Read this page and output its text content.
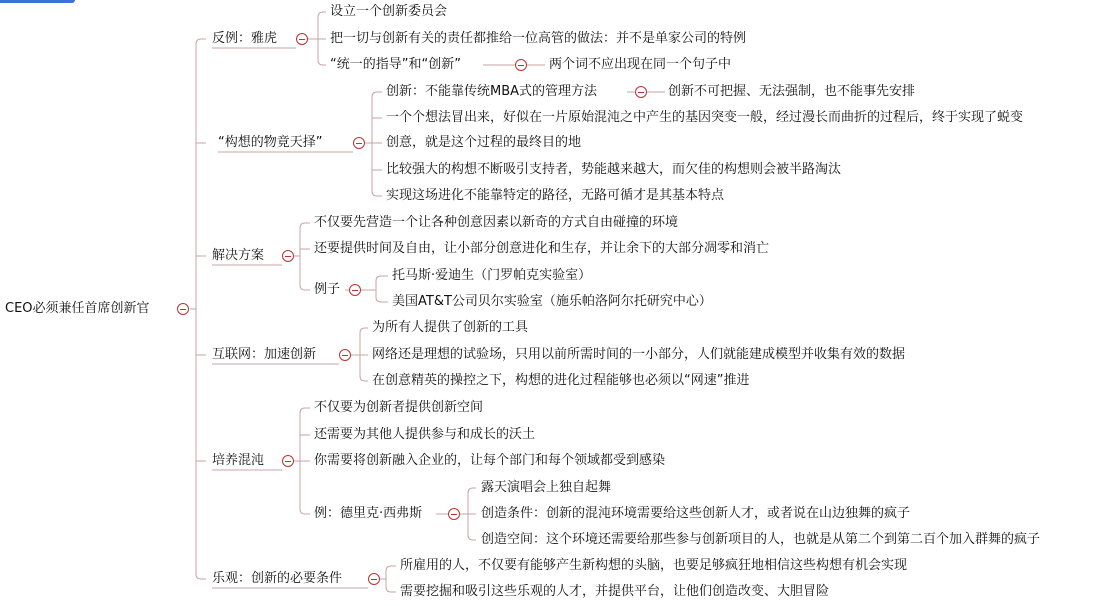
CEO必须兼任首席创新官
反例：雅虎
设立一个创新委员会
把一切与创新有关的责任都推给一位高管的做法：并不是单家公司的特例
“统一的指导”和“创新”
“构想的物竟天择”
创新：不能靠传统MBA式的管理方法
一个个想法冒出来，好似在一片原始混沌之中产生的基因突变一般，经过漫长而曲折的过程后，终于实现了蜕变
创意，就是这个过程的最终目的地
比较强大的构想不断吸引支持者，势能越来越大，而欠佳的构想则会被半路淘汰
实现这场进化不能靠特定的路径，无路可循才是其基本特点
解决方案
不仅要先营造一个让各种创意因素以新奇的方式自由碰撞的环境
还要提供时间及自由，让小部分创意进化和生存，并让余下的大部分凋零和消亡
例子
互联网：加速创新
为所有人提供了创新的工具
网络还是理想的试验场，只用以前所需时间的一小部分，人们就能建成模型并收集有效的数据
在创意精英的操控之下，构想的进化过程能够也必须以“网速”推进
培养混沌
不仅要为创新者提供创新空间
还需要为其他人提供参与和成长的沃土
你需要将创新融入企业的，让每个部门和每个领域都受到感染
例：德里克·西弗斯
乐观：创新的必要条件
所雇用的人，不仅要有能够产生新构想的头脑，也要足够疯狂地相信这些构想有机会实现
需要挖掘和吸引这些乐观的人才，并提供平台，让他们创造改变、大胆冒险
两个词不应出现在同一个句子中
创新不可把握、无法强制，也不能事先安排
托马斯·爱迪生（门罗帕克实验室）
美国AT&T公司贝尔实验室（施乐帕洛阿尔托研究中心）
露天演唱会上独自起舞
创造条件：创新的混沌环境需要给这些创新人才，或者说在山边独舞的疯子
创造空间：这个环境还需要给那些参与创新项目的人，也就是从第二个到第二百个加入群舞的疯子
